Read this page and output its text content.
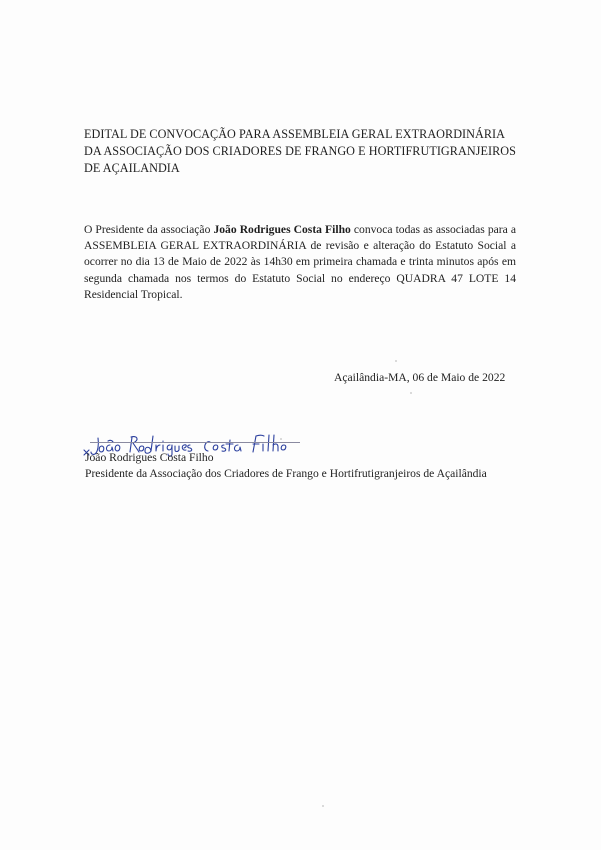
EDITAL DE CONVOCAÇÃO PARA ASSEMBLEIA GERAL EXTRAORDINÁRIA
DA ASSOCIAÇÃO DOS CRIADORES DE FRANGO E HORTIFRUTIGRANJEIROS
DE AÇAILANDIA
O Presidente da associação João Rodrigues Costa Filho convoca todas as associadas para a ASSEMBLEIA GERAL EXTRAORDINÁRIA de revisão e alteração do Estatuto Social a ocorrer no dia 13 de Maio de 2022 às 14h30 em primeira chamada e trinta minutos após em segunda chamada nos termos do Estatuto Social no endereço QUADRA 47 LOTE 14 Residencial Tropical.
Açailândia-MA, 06 de Maio de 2022
João Rodrigues Costa Filho
Presidente da Associação dos Criadores de Frango e Hortifrutigranjeiros de Açailândia
